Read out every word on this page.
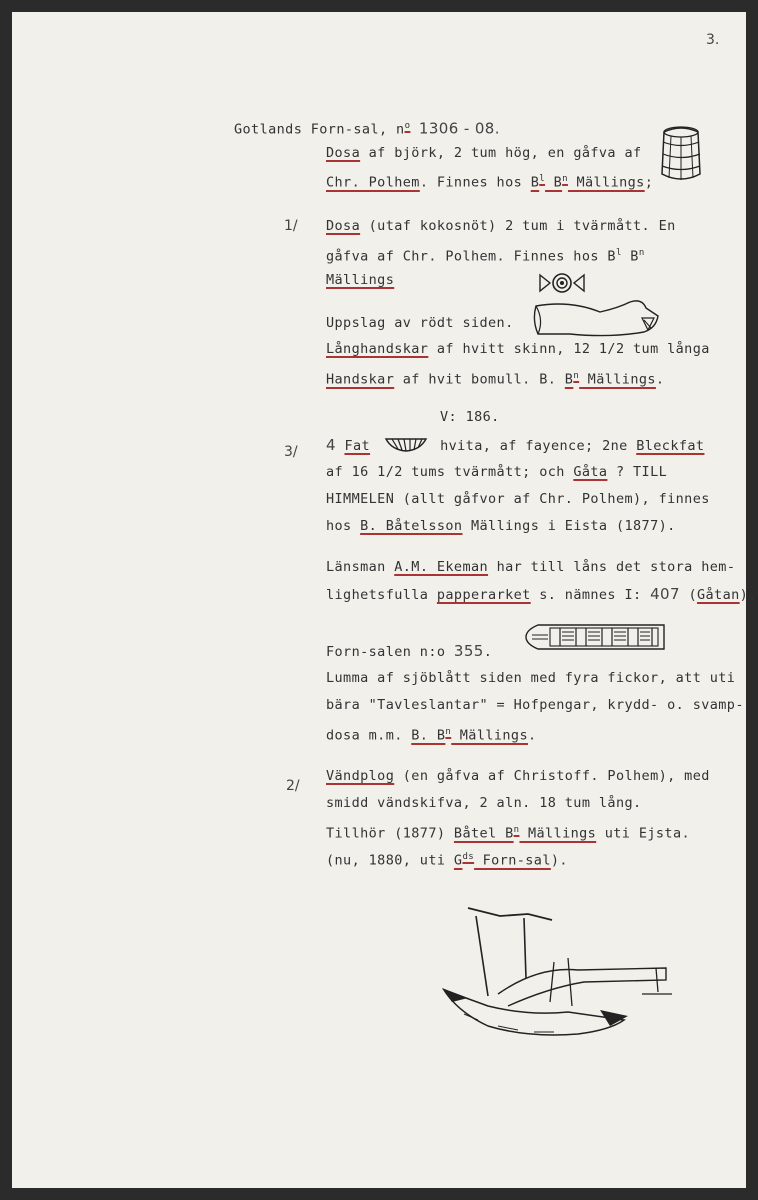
3.
Gotlands Forn-sal, $n^o$ 1306 - 08.
1/
3/
2/
Dosa af björk, 2 tum hög, en gåfva af
Chr. Polhem. Finnes hos $B^l$ $B^n$ Mällings;
Dosa (utaf kokosnöt) 2 tum i tvärmått. En
gåfva af Chr. Polhem. Finnes hos $B^l$ $B^n$
Mällings
Uppslag av rödt siden.
Långhandskar af hvitt skinn, 12 1/2 tum långa
Handskar af hvit bomull. B. $B^n$ Mällings.
V: 186.
4 Fat	hvita, af fayence; 2ne Bleckfat
af 16 1/2 tums tvärmått; och Gåta ? TILL
HIMMELEN (allt gåfvor af Chr. Polhem), finnes
hos B. Båtelsson Mällings i Eista (1877).
Länsman A.M. Ekeman har till låns det stora hem-
lighetsfulla papperarket s. nämnes I: 407 (Gåtan).
Forn-salen n:o 355.
Lumma af sjöblått siden med fyra fickor, att uti
bära "Tavleslantar" = Hofpengar, krydd- o. svamp-
dosa m.m. B. $B^n$ Mällings.
Vändplog (en gåfva af Christoff. Polhem), med
smidd vändskifva, 2 aln. 18 tum lång.
Tillhör (1877) Båtel $B^n$ Mällings uti Ejsta.
(nu, 1880, uti $G^{ds}$ Forn-sal).
